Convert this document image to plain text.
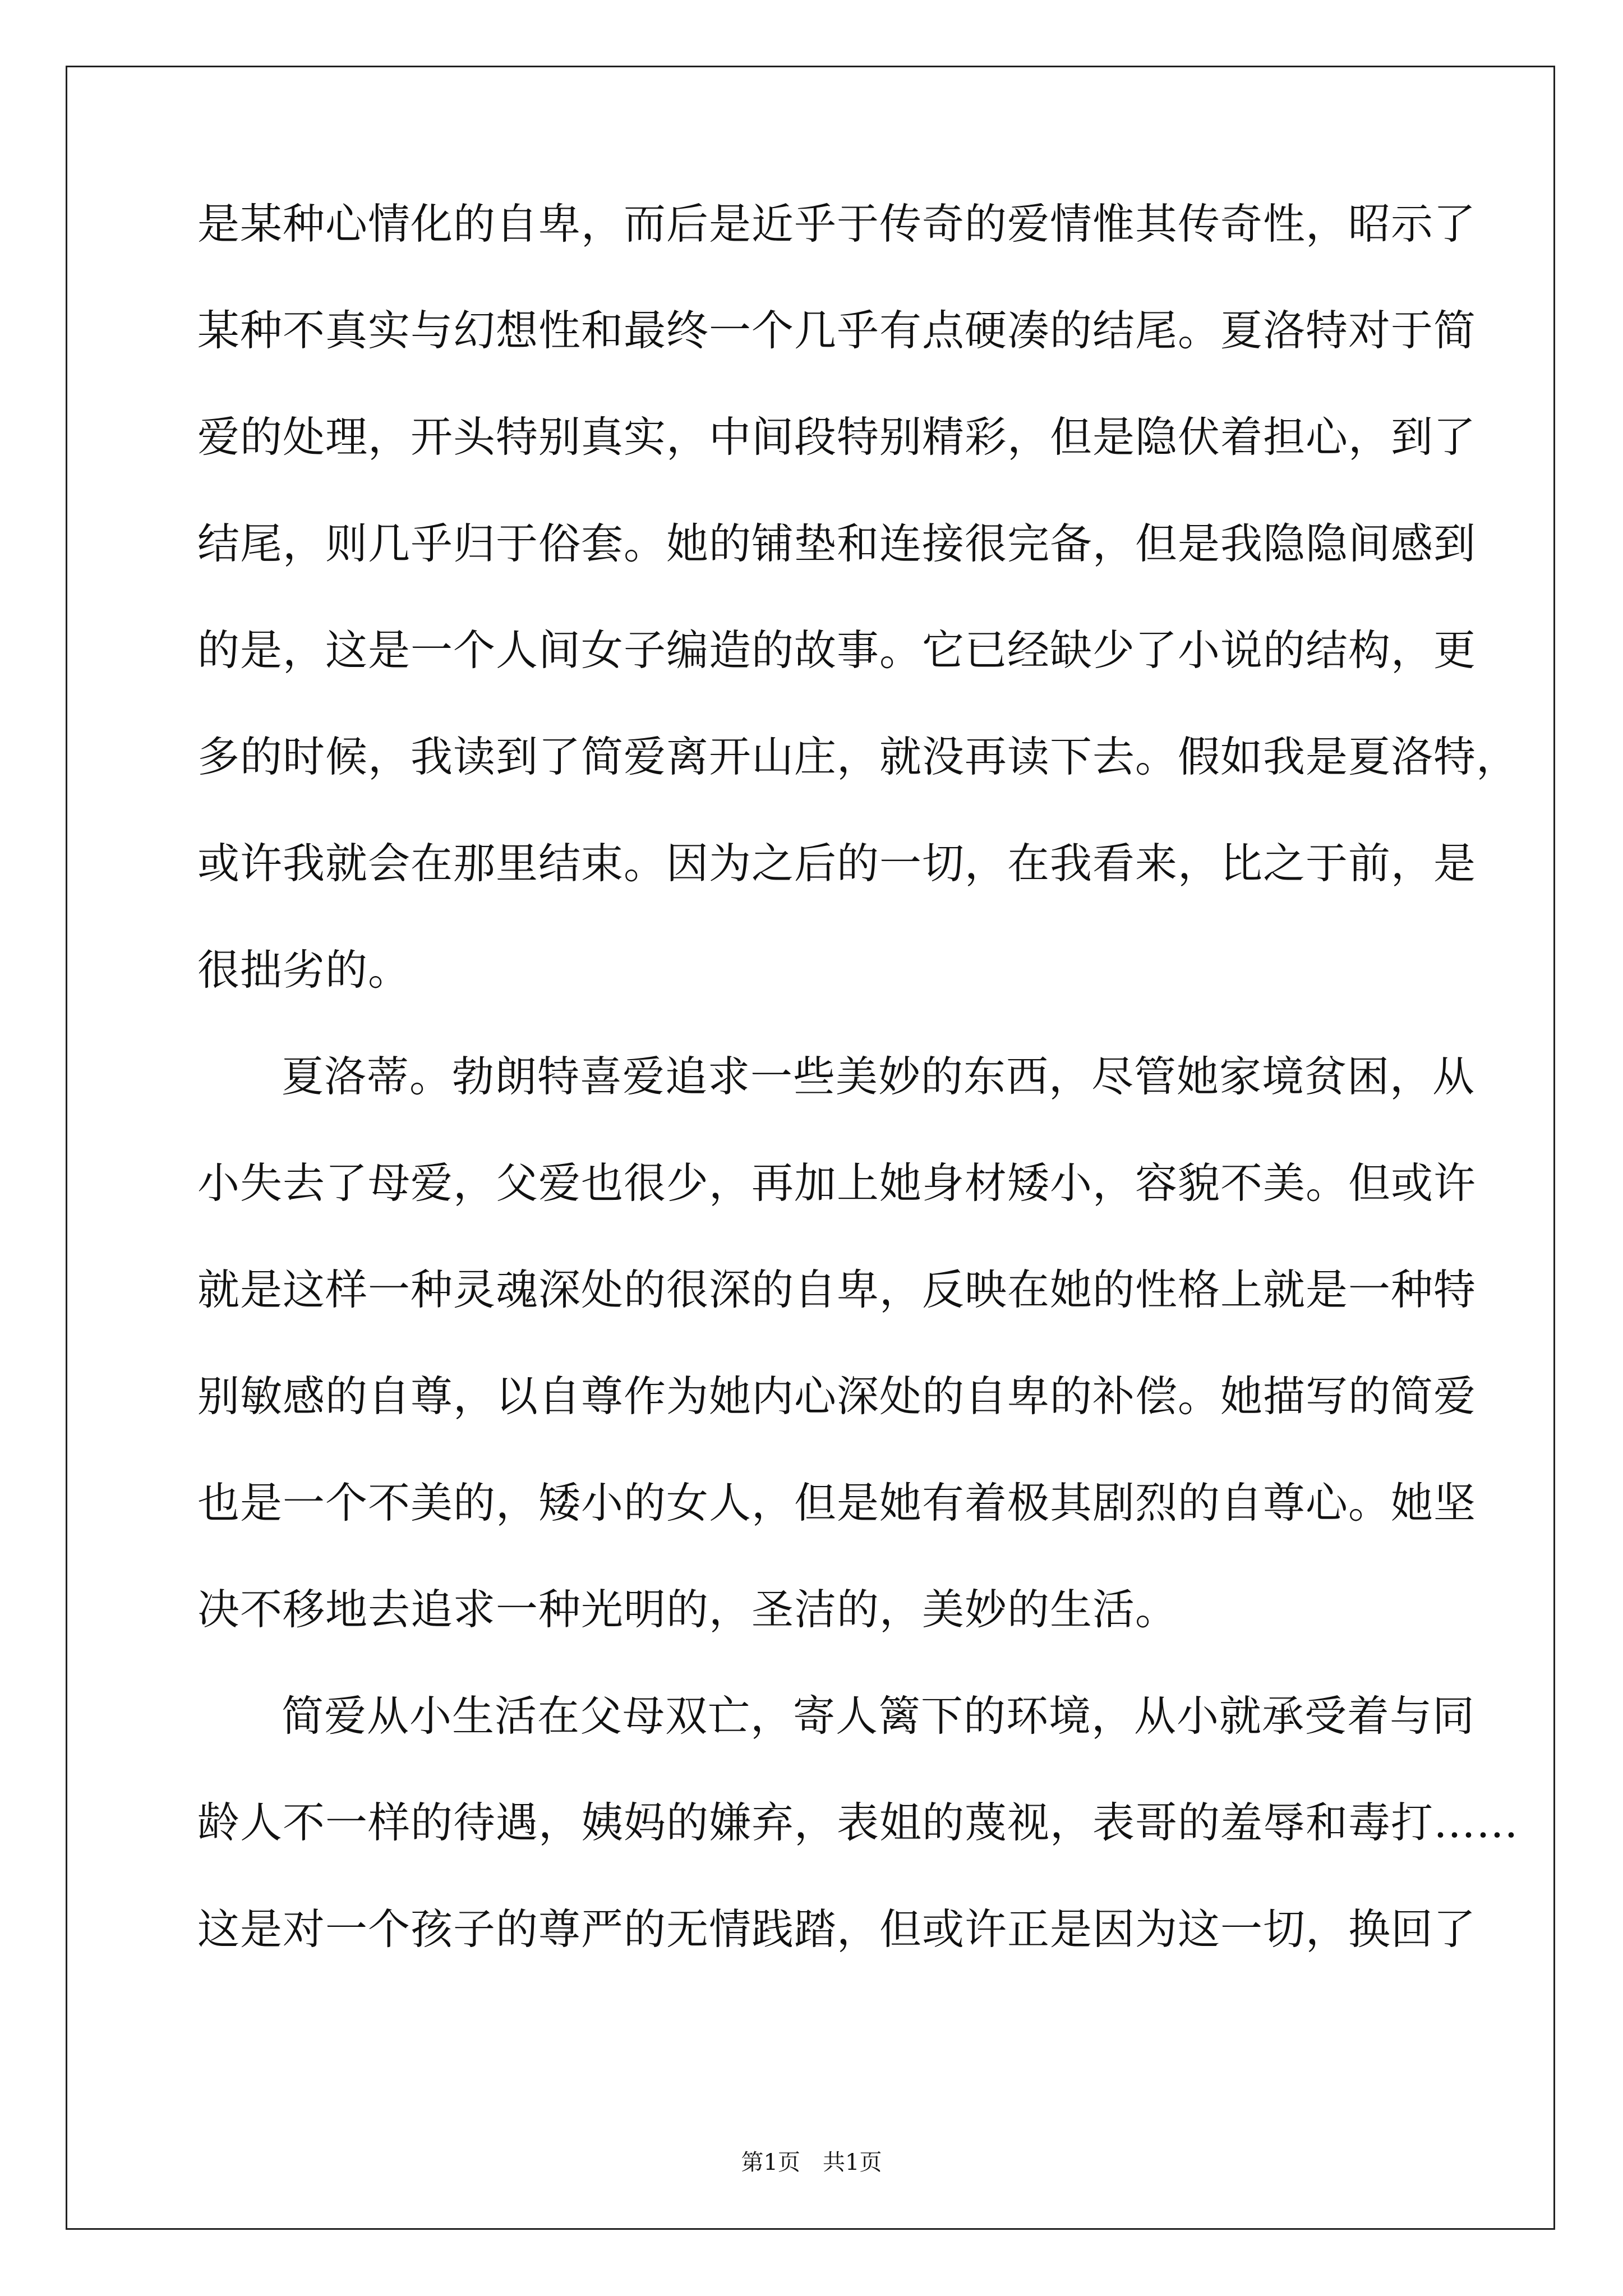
是某种心情化的自卑，而后是近乎于传奇的爱情惟其传奇性，昭示了
某种不真实与幻想性和最终一个几乎有点硬凑的结尾。夏洛特对于简
爱的处理，开头特别真实，中间段特别精彩，但是隐伏着担心，到了
结尾，则几乎归于俗套。她的铺垫和连接很完备，但是我隐隐间感到
的是，这是一个人间女子编造的故事。它已经缺少了小说的结构，更
多的时候，我读到了简爱离开山庄，就没再读下去。假如我是夏洛特，
或许我就会在那里结束。因为之后的一切，在我看来，比之于前，是
很拙劣的。
夏洛蒂。勃朗特喜爱追求一些美妙的东西，尽管她家境贫困，从
小失去了母爱，父爱也很少，再加上她身材矮小，容貌不美。但或许
就是这样一种灵魂深处的很深的自卑，反映在她的性格上就是一种特
别敏感的自尊，以自尊作为她内心深处的自卑的补偿。她描写的简爱
也是一个不美的，矮小的女人，但是她有着极其剧烈的自尊心。她坚
决不移地去追求一种光明的，圣洁的，美妙的生活。
简爱从小生活在父母双亡，寄人篱下的环境，从小就承受着与同
龄人不一样的待遇，姨妈的嫌弃，表姐的蔑视，表哥的羞辱和毒打……
这是对一个孩子的尊严的无情践踏，但或许正是因为这一切，换回了
第1页　共1页
